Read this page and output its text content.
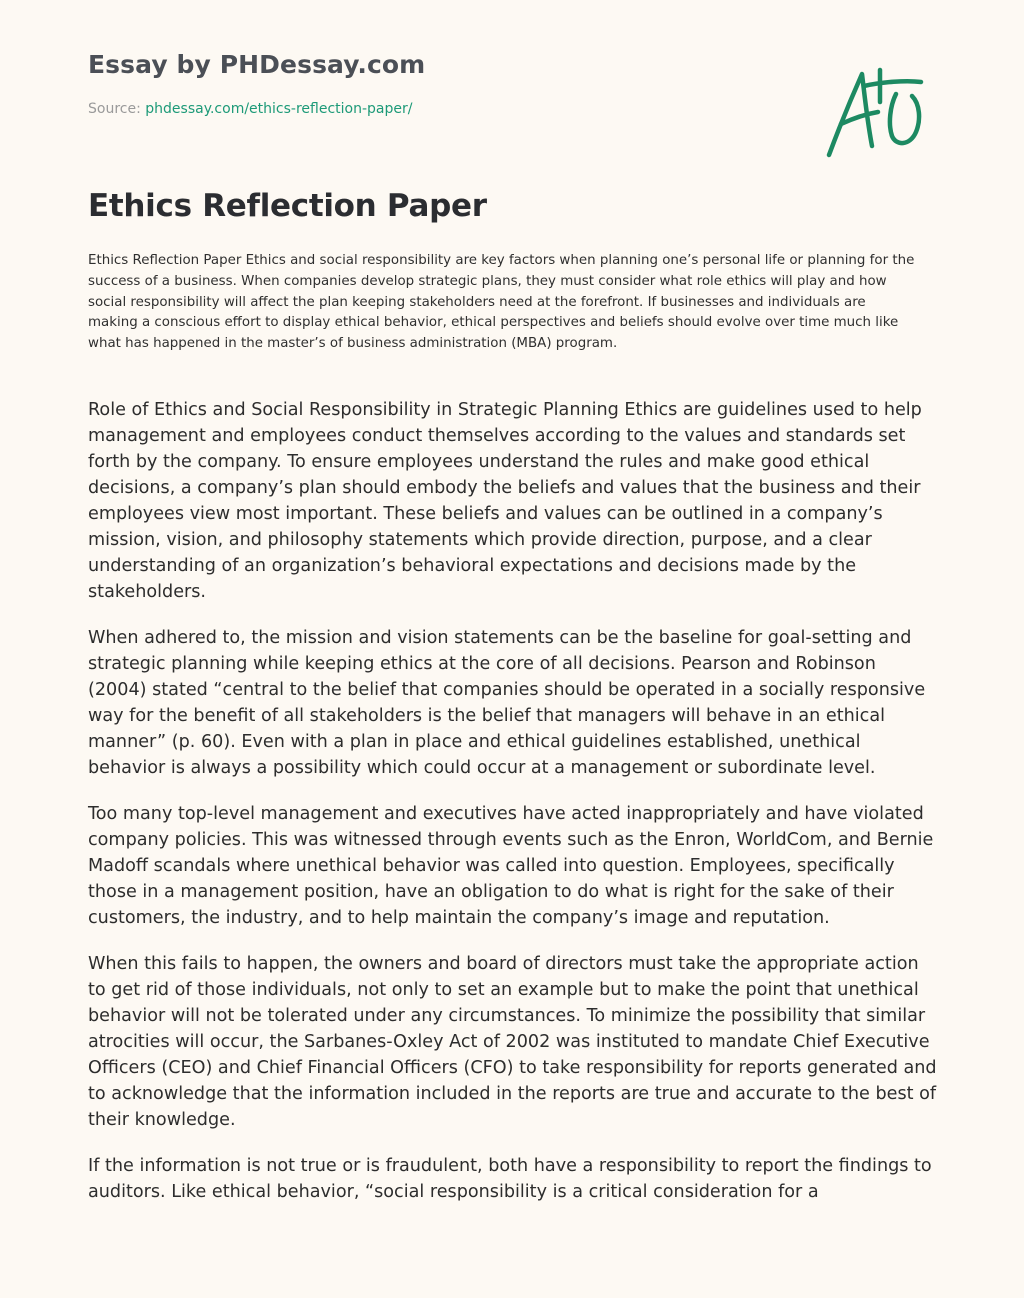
Essay by PHDessay.com
Source: phdessay.com/ethics-reflection-paper/
Ethics Reflection Paper

Ethics Reflection Paper Ethics and social responsibility are key factors when planning one’s personal life or planning for the success of a business. When companies develop strategic plans, they must consider what role ethics will play and how social responsibility will affect the plan keeping stakeholders need at the forefront. If businesses and individuals are making a conscious effort to display ethical behavior, ethical perspectives and beliefs should evolve over time much like what has happened in the master’s of business administration (MBA) program.

Role of Ethics and Social Responsibility in Strategic Planning Ethics are guidelines used to help management and employees conduct themselves according to the values and standards set forth by the company. To ensure employees understand the rules and make good ethical decisions, a company’s plan should embody the beliefs and values that the business and their employees view most important. These beliefs and values can be outlined in a company’s mission, vision, and philosophy statements which provide direction, purpose, and a clear understanding of an organization’s behavioral expectations and decisions made by the stakeholders.

When adhered to, the mission and vision statements can be the baseline for goal-setting and strategic planning while keeping ethics at the core of all decisions. Pearson and Robinson (2004) stated “central to the belief that companies should be operated in a socially responsive way for the benefit of all stakeholders is the belief that managers will behave in an ethical manner” (p. 60). Even with a plan in place and ethical guidelines established, unethical behavior is always a possibility which could occur at a management or subordinate level.

Too many top-level management and executives have acted inappropriately and have violated company policies. This was witnessed through events such as the Enron, WorldCom, and Bernie Madoff scandals where unethical behavior was called into question. Employees, specifically those in a management position, have an obligation to do what is right for the sake of their customers, the industry, and to help maintain the company’s image and reputation.

When this fails to happen, the owners and board of directors must take the appropriate action to get rid of those individuals, not only to set an example but to make the point that unethical behavior will not be tolerated under any circumstances. To minimize the possibility that similar atrocities will occur, the Sarbanes-Oxley Act of 2002 was instituted to mandate Chief Executive Officers (CEO) and Chief Financial Officers (CFO) to take responsibility for reports generated and to acknowledge that the information included in the reports are true and accurate to the best of their knowledge.

If the information is not true or is fraudulent, both have a responsibility to report the findings to auditors. Like ethical behavior, “social responsibility is a critical consideration for a
